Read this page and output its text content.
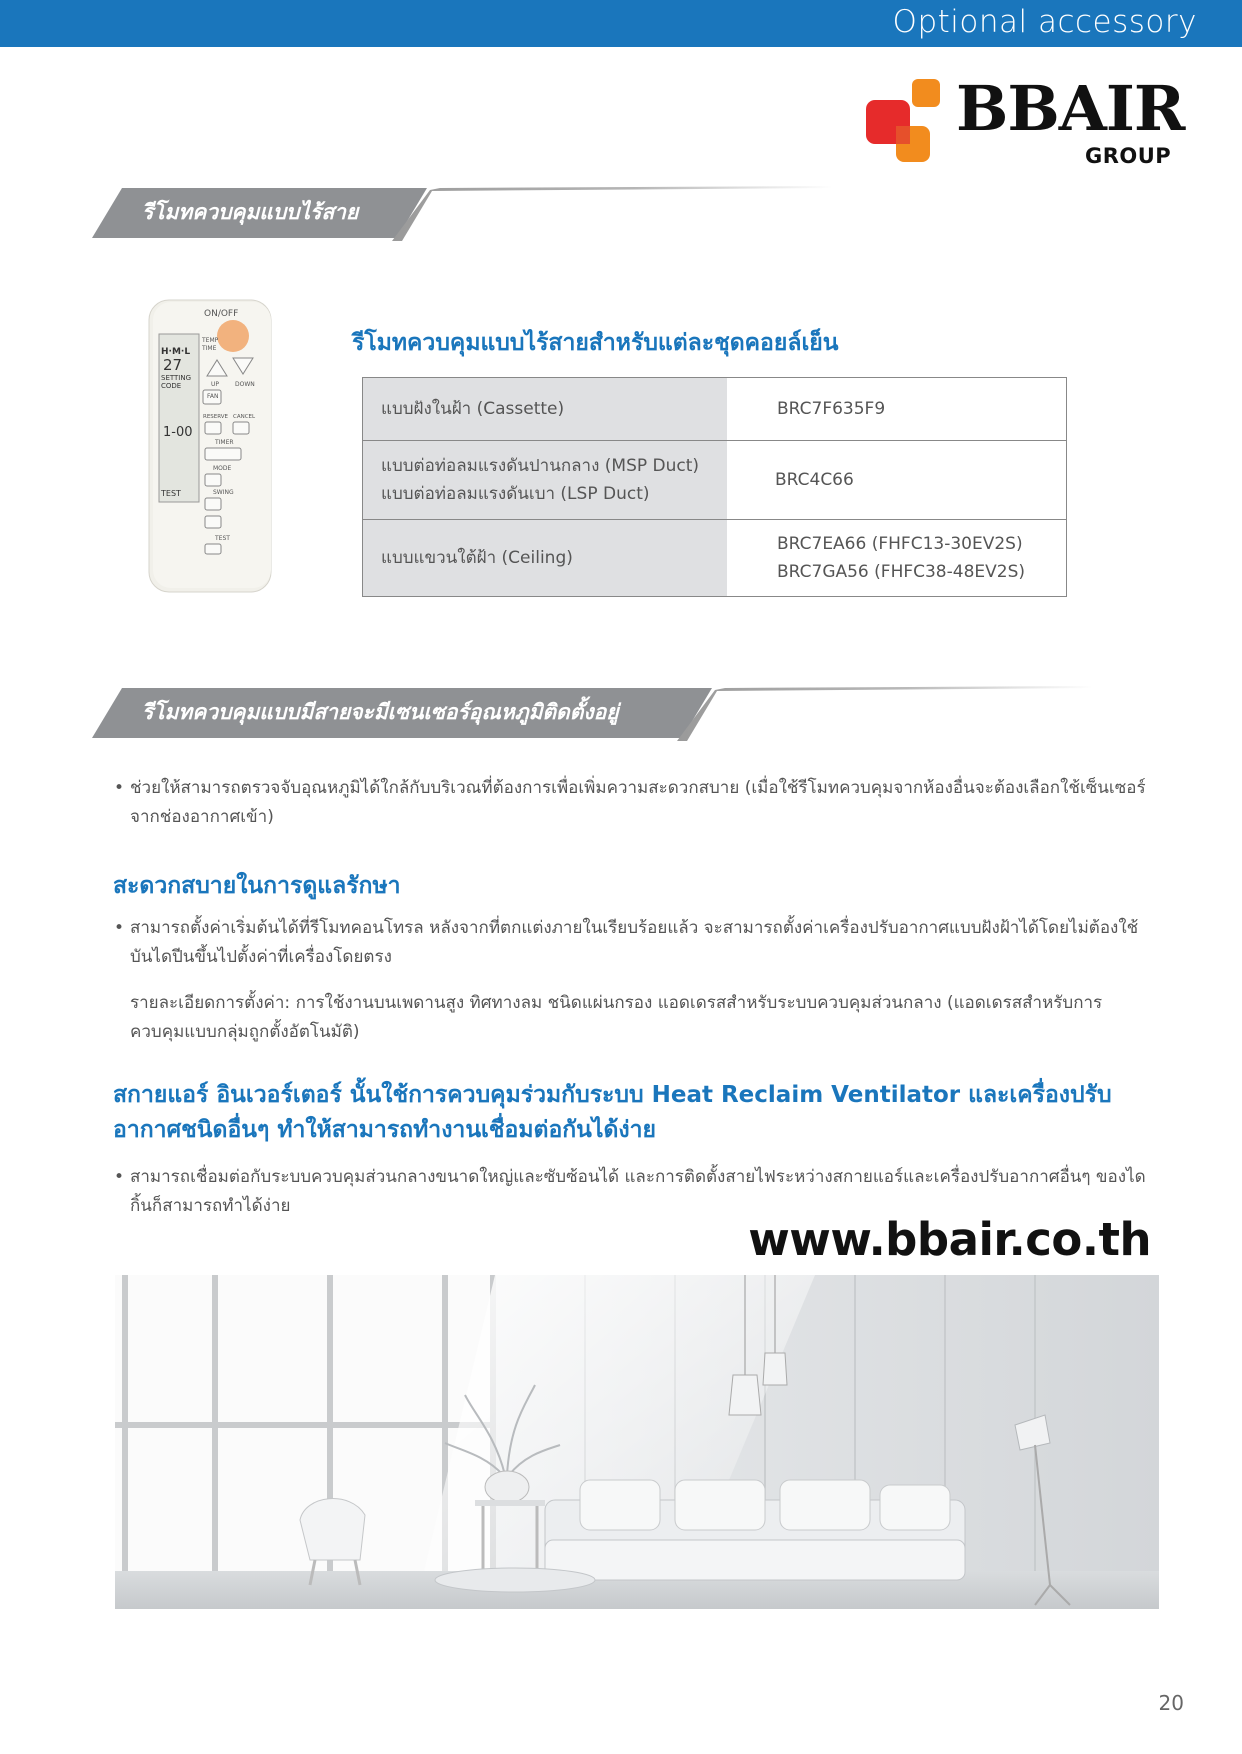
Optional accessory
BBAIR
GROUP
รีโมทควบคุมแบบไร้สาย
ON/OFF
H·M·L
27
SETTING
CODE
1-00
TEST
TEMP
TIME
UP	DOWN
FAN
RESERVE CANCEL
TIMER
MODE
SWING
TEST
รีโมทควบคุมแบบไร้สายสำหรับแต่ละชุดคอยล์เย็น
แบบฝังในฝ้า (Cassette)	BRC7F635F9

แบบต่อท่อลมแรงดันปานกลาง (MSP Duct)
แบบต่อท่อลมแรงดันเบา (LSP Duct)	BRC4C66

แบบแขวนใต้ฝ้า (Ceiling)	BRC7EA66 (FHFC13-30EV2S)
BRC7GA56 (FHFC38-48EV2S)
รีโมทควบคุมแบบมีสายจะมีเซนเซอร์อุณหภูมิติดตั้งอยู่
• ช่วยให้สามารถตรวจจับอุณหภูมิได้ใกล้กับบริเวณที่ต้องการเพื่อเพิ่มความสะดวกสบาย (เมื่อใช้รีโมทควบคุมจากห้องอื่นจะต้องเลือกใช้เซ็นเซอร์จากช่องอากาศเข้า)
สะดวกสบายในการดูแลรักษา
• สามารถตั้งค่าเริ่มต้นได้ที่รีโมทคอนโทรล หลังจากที่ตกแต่งภายในเรียบร้อยแล้ว จะสามารถตั้งค่าเครื่องปรับอากาศแบบฝังฝ้าได้โดยไม่ต้องใช้บันไดปีนขึ้นไปตั้งค่าที่เครื่องโดยตรง
รายละเอียดการตั้งค่า: การใช้งานบนเพดานสูง ทิศทางลม ชนิดแผ่นกรอง แอดเดรสสำหรับระบบควบคุมส่วนกลาง (แอดเดรสสำหรับการควบคุมแบบกลุ่มถูกตั้งอัตโนมัติ)
สกายแอร์ อินเวอร์เตอร์ นั้นใช้การควบคุมร่วมกับระบบ Heat Reclaim Ventilator และเครื่องปรับอากาศชนิดอื่นๆ ทำให้สามารถทำงานเชื่อมต่อกันได้ง่าย
• สามารถเชื่อมต่อกับระบบควบคุมส่วนกลางขนาดใหญ่และซับซ้อนได้ และการติดตั้งสายไฟระหว่างสกายแอร์และเครื่องปรับอากาศอื่นๆ ของไดกิ้นก็สามารถทำได้ง่าย
www.bbair.co.th
20
